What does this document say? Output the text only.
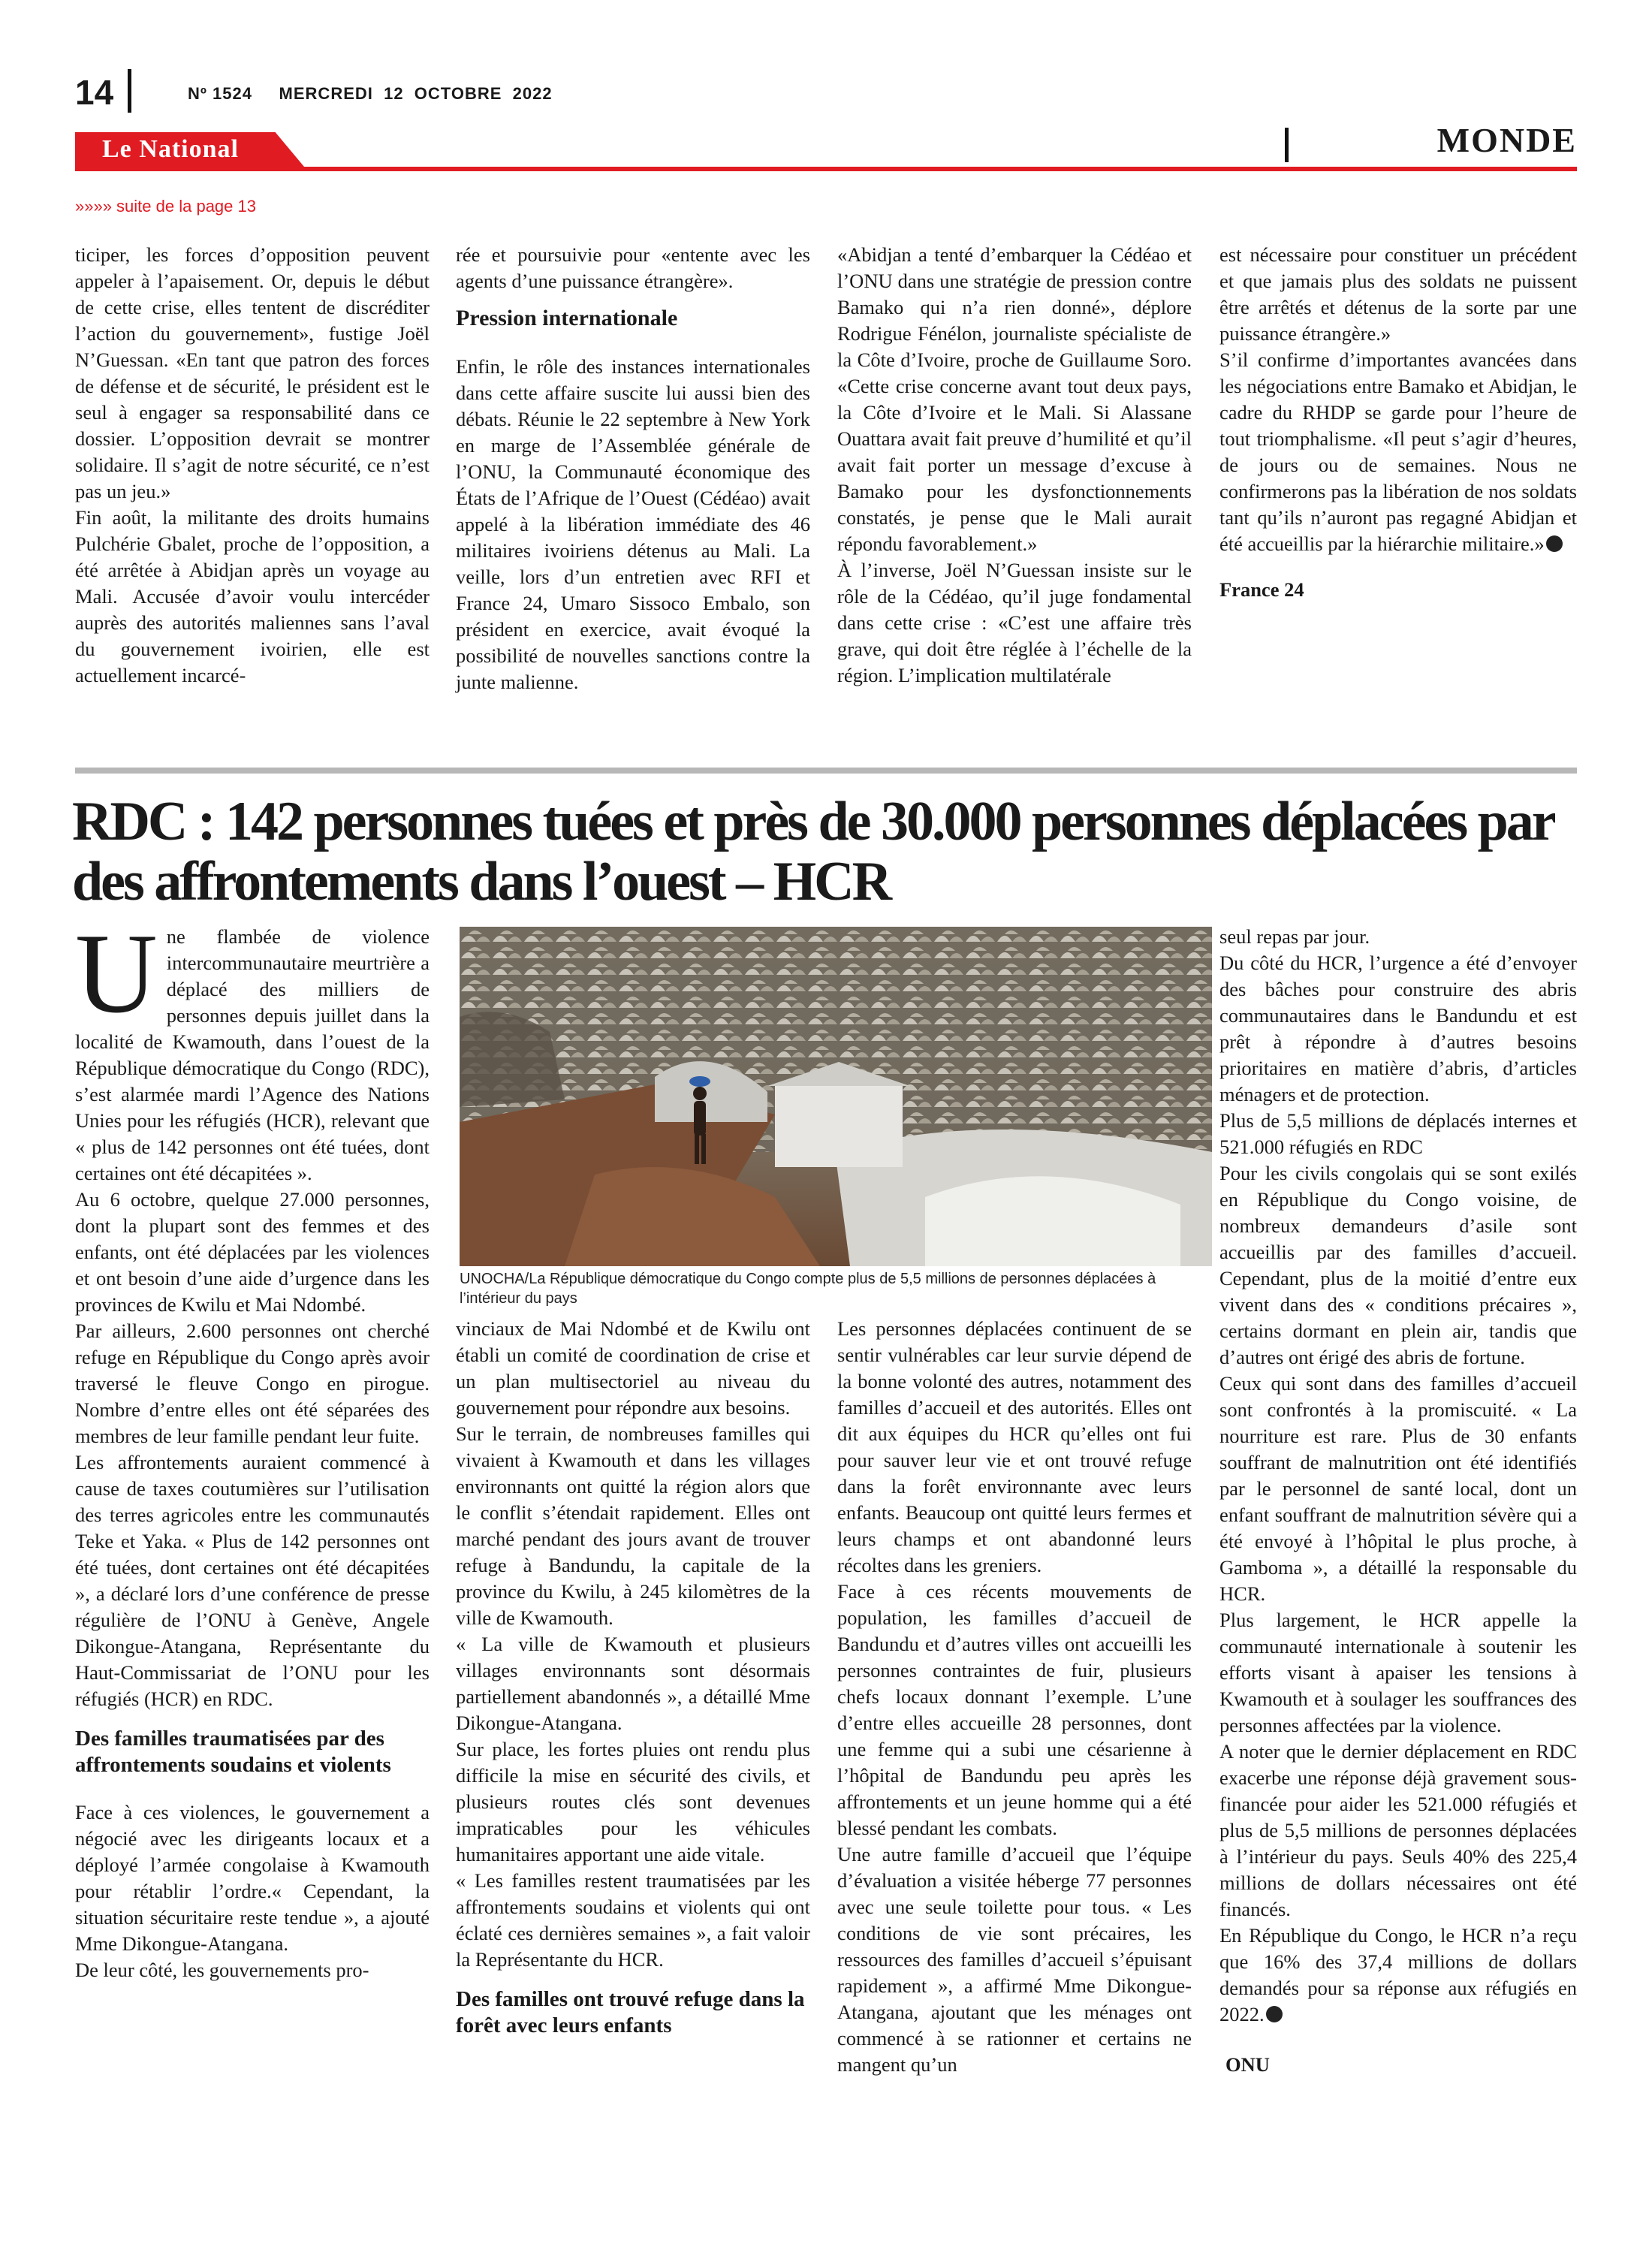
14	Nº 1524 MERCREDI  12  OCTOBRE  2022
Le National	MONDE
»»»» suite de la page 13

ticiper, les forces d’opposition peuvent appeler à l’apaisement. Or, depuis le début de cette crise, elles tentent de discréditer l’action du gouvernement», fustige Joël N’Guessan. «En tant que patron des forces de défense et de sécurité, le président est le seul à engager sa responsabilité dans ce dossier. L’opposition devrait se montrer solidaire. Il s’agit de notre sécurité, ce n’est pas un jeu.»

Fin août, la militante des droits humains Pulchérie Gbalet, proche de l’opposition, a été arrêtée à Abidjan après un voyage au Mali. Accusée d’avoir voulu intercéder auprès des autorités maliennes sans l’aval du gouvernement ivoirien, elle est actuellement incarcé-

rée et poursuivie pour «entente avec les agents d’une puissance étrangère».

Pression internationale

Enfin, le rôle des instances internationales dans cette affaire suscite lui aussi bien des débats. Réunie le 22 septembre à New York en marge de l’Assemblée générale de l’ONU, la Communauté économique des États de l’Afrique de l’Ouest (Cédéao) avait appelé à la libération immédiate des 46 militaires ivoiriens détenus au Mali. La veille, lors d’un entretien avec RFI et France 24, Umaro Sissoco Embalo, son président en exercice, avait évoqué la possibilité de nouvelles sanctions contre la junte malienne.

«Abidjan a tenté d’embarquer la Cédéao et l’ONU dans une stratégie de pression contre Bamako qui n’a rien donné», déplore Rodrigue Fénélon, journaliste spécialiste de la Côte d’Ivoire, proche de Guillaume Soro. «Cette crise concerne avant tout deux pays, la Côte d’Ivoire et le Mali. Si Alassane Ouattara avait fait preuve d’humilité et qu’il avait fait porter un message d’excuse à Bamako pour les dysfonctionnements constatés, je pense que le Mali aurait répondu favorablement.»

À l’inverse, Joël N’Guessan insiste sur le rôle de la Cédéao, qu’il juge fondamental dans cette crise : «C’est une affaire très grave, qui doit être réglée à l’échelle de la région. L’implication multilatérale

est nécessaire pour constituer un précédent et que jamais plus des soldats ne puissent être arrêtés et détenus de la sorte par une puissance étrangère.»

S’il confirme d’importantes avancées dans les négociations entre Bamako et Abidjan, le cadre du RHDP se garde pour l’heure de tout triomphalisme. «Il peut s’agir d’heures, de jours ou de semaines. Nous ne confirmerons pas la libération de nos soldats tant qu’ils n’auront pas regagné Abidjan et été accueillis par la hiérarchie militaire.»

France 24

RDC : 142 personnes tuées et près de 30.000 personnes déplacées par des affrontements dans l’ouest – HCR

Une flambée de violence intercommunautaire meurtrière a déplacé des milliers de personnes depuis juillet dans la localité de Kwamouth, dans l’ouest de la République démocratique du Congo (RDC), s’est alarmée mardi l’Agence des Nations Unies pour les réfugiés (HCR), relevant que « plus de 142 personnes ont été tuées, dont certaines ont été décapitées ».

Au 6 octobre, quelque 27.000 personnes, dont la plupart sont des femmes et des enfants, ont été déplacées par les violences et ont besoin d’une aide d’urgence dans les provinces de Kwilu et Mai Ndombé.

Par ailleurs, 2.600 personnes ont cherché refuge en République du Congo après avoir traversé le fleuve Congo en pirogue. Nombre d’entre elles ont été séparées des membres de leur famille pendant leur fuite.

Les affrontements auraient commencé à cause de taxes coutumières sur l’utilisation des terres agricoles entre les communautés Teke et Yaka. « Plus de 142 personnes ont été tuées, dont certaines ont été décapitées », a déclaré lors d’une conférence de presse régulière de l’ONU à Genève, Angele Dikongue-Atangana, Représentante du Haut-Commissariat de l’ONU pour les réfugiés (HCR) en RDC.

Des familles traumatisées par des affrontements soudains et violents

Face à ces violences, le gouvernement a négocié avec les dirigeants locaux et a déployé l’armée congolaise à Kwamouth pour rétablir l’ordre.« Cependant, la situation sécuritaire reste tendue », a ajouté Mme Dikongue-Atangana.

De leur côté, les gouvernements pro-

UNOCHA/La République démocratique du Congo compte plus de 5,5 millions de personnes déplacées à l’intérieur du pays

vinciaux de Mai Ndombé et de Kwilu ont établi un comité de coordination de crise et un plan multisectoriel au niveau du gouvernement pour répondre aux besoins.

Sur le terrain, de nombreuses familles qui vivaient à Kwamouth et dans les villages environnants ont quitté la région alors que le conflit s’étendait rapidement. Elles ont marché pendant des jours avant de trouver refuge à Bandundu, la capitale de la province du Kwilu, à 245 kilomètres de la ville de Kwamouth.

« La ville de Kwamouth et plusieurs villages environnants sont désormais partiellement abandonnés », a détaillé Mme Dikongue-Atangana.

Sur place, les fortes pluies ont rendu plus difficile la mise en sécurité des civils, et plusieurs routes clés sont devenues impraticables pour les véhicules humanitaires apportant une aide vitale.

« Les familles restent traumatisées par les affrontements soudains et violents qui ont éclaté ces dernières semaines », a fait valoir la Représentante du HCR.

Des familles ont trouvé refuge dans la forêt avec leurs enfants

Les personnes déplacées continuent de se sentir vulnérables car leur survie dépend de la bonne volonté des autres, notamment des familles d’accueil et des autorités. Elles ont dit aux équipes du HCR qu’elles ont fui pour sauver leur vie et ont trouvé refuge dans la forêt environnante avec leurs enfants. Beaucoup ont quitté leurs fermes et leurs champs et ont abandonné leurs récoltes dans les greniers.

Face à ces récents mouvements de population, les familles d’accueil de Bandundu et d’autres villes ont accueilli les personnes contraintes de fuir, plusieurs chefs locaux donnant l’exemple. L’une d’entre elles accueille 28 personnes, dont une femme qui a subi une césarienne à l’hôpital de Bandundu peu après les affrontements et un jeune homme qui a été blessé pendant les combats.

Une autre famille d’accueil que l’équipe d’évaluation a visitée héberge 77 personnes avec une seule toilette pour tous. « Les conditions de vie sont précaires, les ressources des familles d’accueil s’épuisant rapidement », a affirmé Mme Dikongue-Atangana, ajoutant que les ménages ont commencé à se rationner et certains ne mangent qu’un

seul repas par jour.

Du côté du HCR, l’urgence a été d’envoyer des bâches pour construire des abris communautaires dans le Bandundu et est prêt à répondre à d’autres besoins prioritaires en matière d’abris, d’articles ménagers et de protection.

Plus de 5,5 millions de déplacés internes et 521.000 réfugiés en RDC

Pour les civils congolais qui se sont exilés en République du Congo voisine, de nombreux demandeurs d’asile sont accueillis par des familles d’accueil. Cependant, plus de la moitié d’entre eux vivent dans des « conditions précaires », certains dormant en plein air, tandis que d’autres ont érigé des abris de fortune.

Ceux qui sont dans des familles d’accueil sont confrontés à la promiscuité. « La nourriture est rare. Plus de 30 enfants souffrant de malnutrition ont été identifiés par le personnel de santé local, dont un enfant souffrant de malnutrition sévère qui a été envoyé à l’hôpital le plus proche, à Gamboma », a détaillé la responsable du HCR.

Plus largement, le HCR appelle la communauté internationale à soutenir les efforts visant à apaiser les tensions à Kwamouth et à soulager les souffrances des personnes affectées par la violence.

A noter que le dernier déplacement en RDC exacerbe une réponse déjà gravement sous-financée pour aider les 521.000 réfugiés et plus de 5,5 millions de personnes déplacées à l’intérieur du pays. Seuls 40% des 225,4 millions de dollars nécessaires ont été financés.

En République du Congo, le HCR n’a reçu que 16% des 37,4 millions de dollars demandés pour sa réponse aux réfugiés en 2022.

ONU
